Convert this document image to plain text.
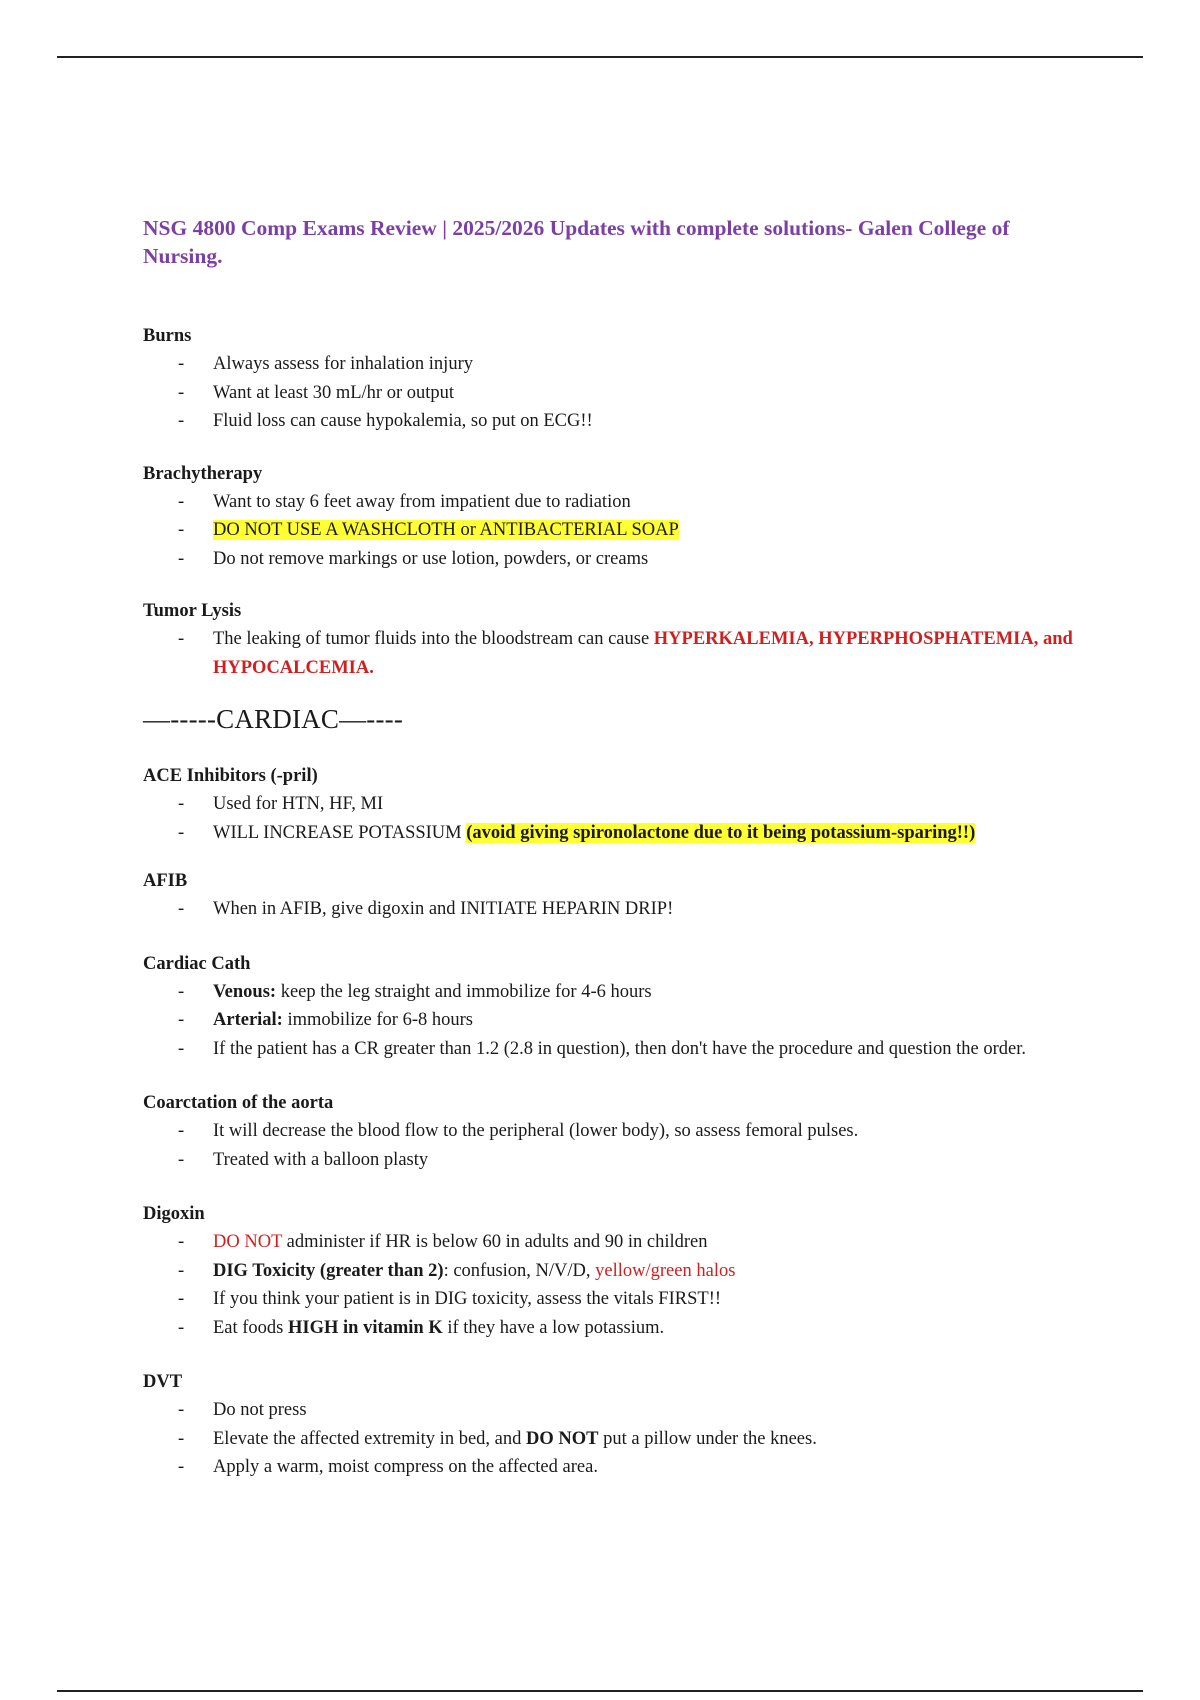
NSG 4800 Comp Exams Review | 2025/2026 Updates with complete solutions- Galen College of Nursing.
Burns
- Always assess for inhalation injury
- Want at least 30 mL/hr or output
- Fluid loss can cause hypokalemia, so put on ECG!!
Brachytherapy
- Want to stay 6 feet away from impatient due to radiation
- DO NOT USE A WASHCLOTH or ANTIBACTERIAL SOAP
- Do not remove markings or use lotion, powders, or creams
Tumor Lysis
- The leaking of tumor fluids into the bloodstream can cause HYPERKALEMIA, HYPERPHOSPHATEMIA, and HYPOCALCEMIA.
—-----CARDIAC—----
ACE Inhibitors (-pril)
- Used for HTN, HF, MI
- WILL INCREASE POTASSIUM (avoid giving spironolactone due to it being potassium-sparing!!)
AFIB
- When in AFIB, give digoxin and INITIATE HEPARIN DRIP!
Cardiac Cath
- Venous: keep the leg straight and immobilize for 4-6 hours
- Arterial: immobilize for 6-8 hours
- If the patient has a CR greater than 1.2 (2.8 in question), then don't have the procedure and question the order.
Coarctation of the aorta
- It will decrease the blood flow to the peripheral (lower body), so assess femoral pulses.
- Treated with a balloon plasty
Digoxin
- DO NOT administer if HR is below 60 in adults and 90 in children
- DIG Toxicity (greater than 2): confusion, N/V/D, yellow/green halos
- If you think your patient is in DIG toxicity, assess the vitals FIRST!!
- Eat foods HIGH in vitamin K if they have a low potassium.
DVT
- Do not press
- Elevate the affected extremity in bed, and DO NOT put a pillow under the knees.
- Apply a warm, moist compress on the affected area.
